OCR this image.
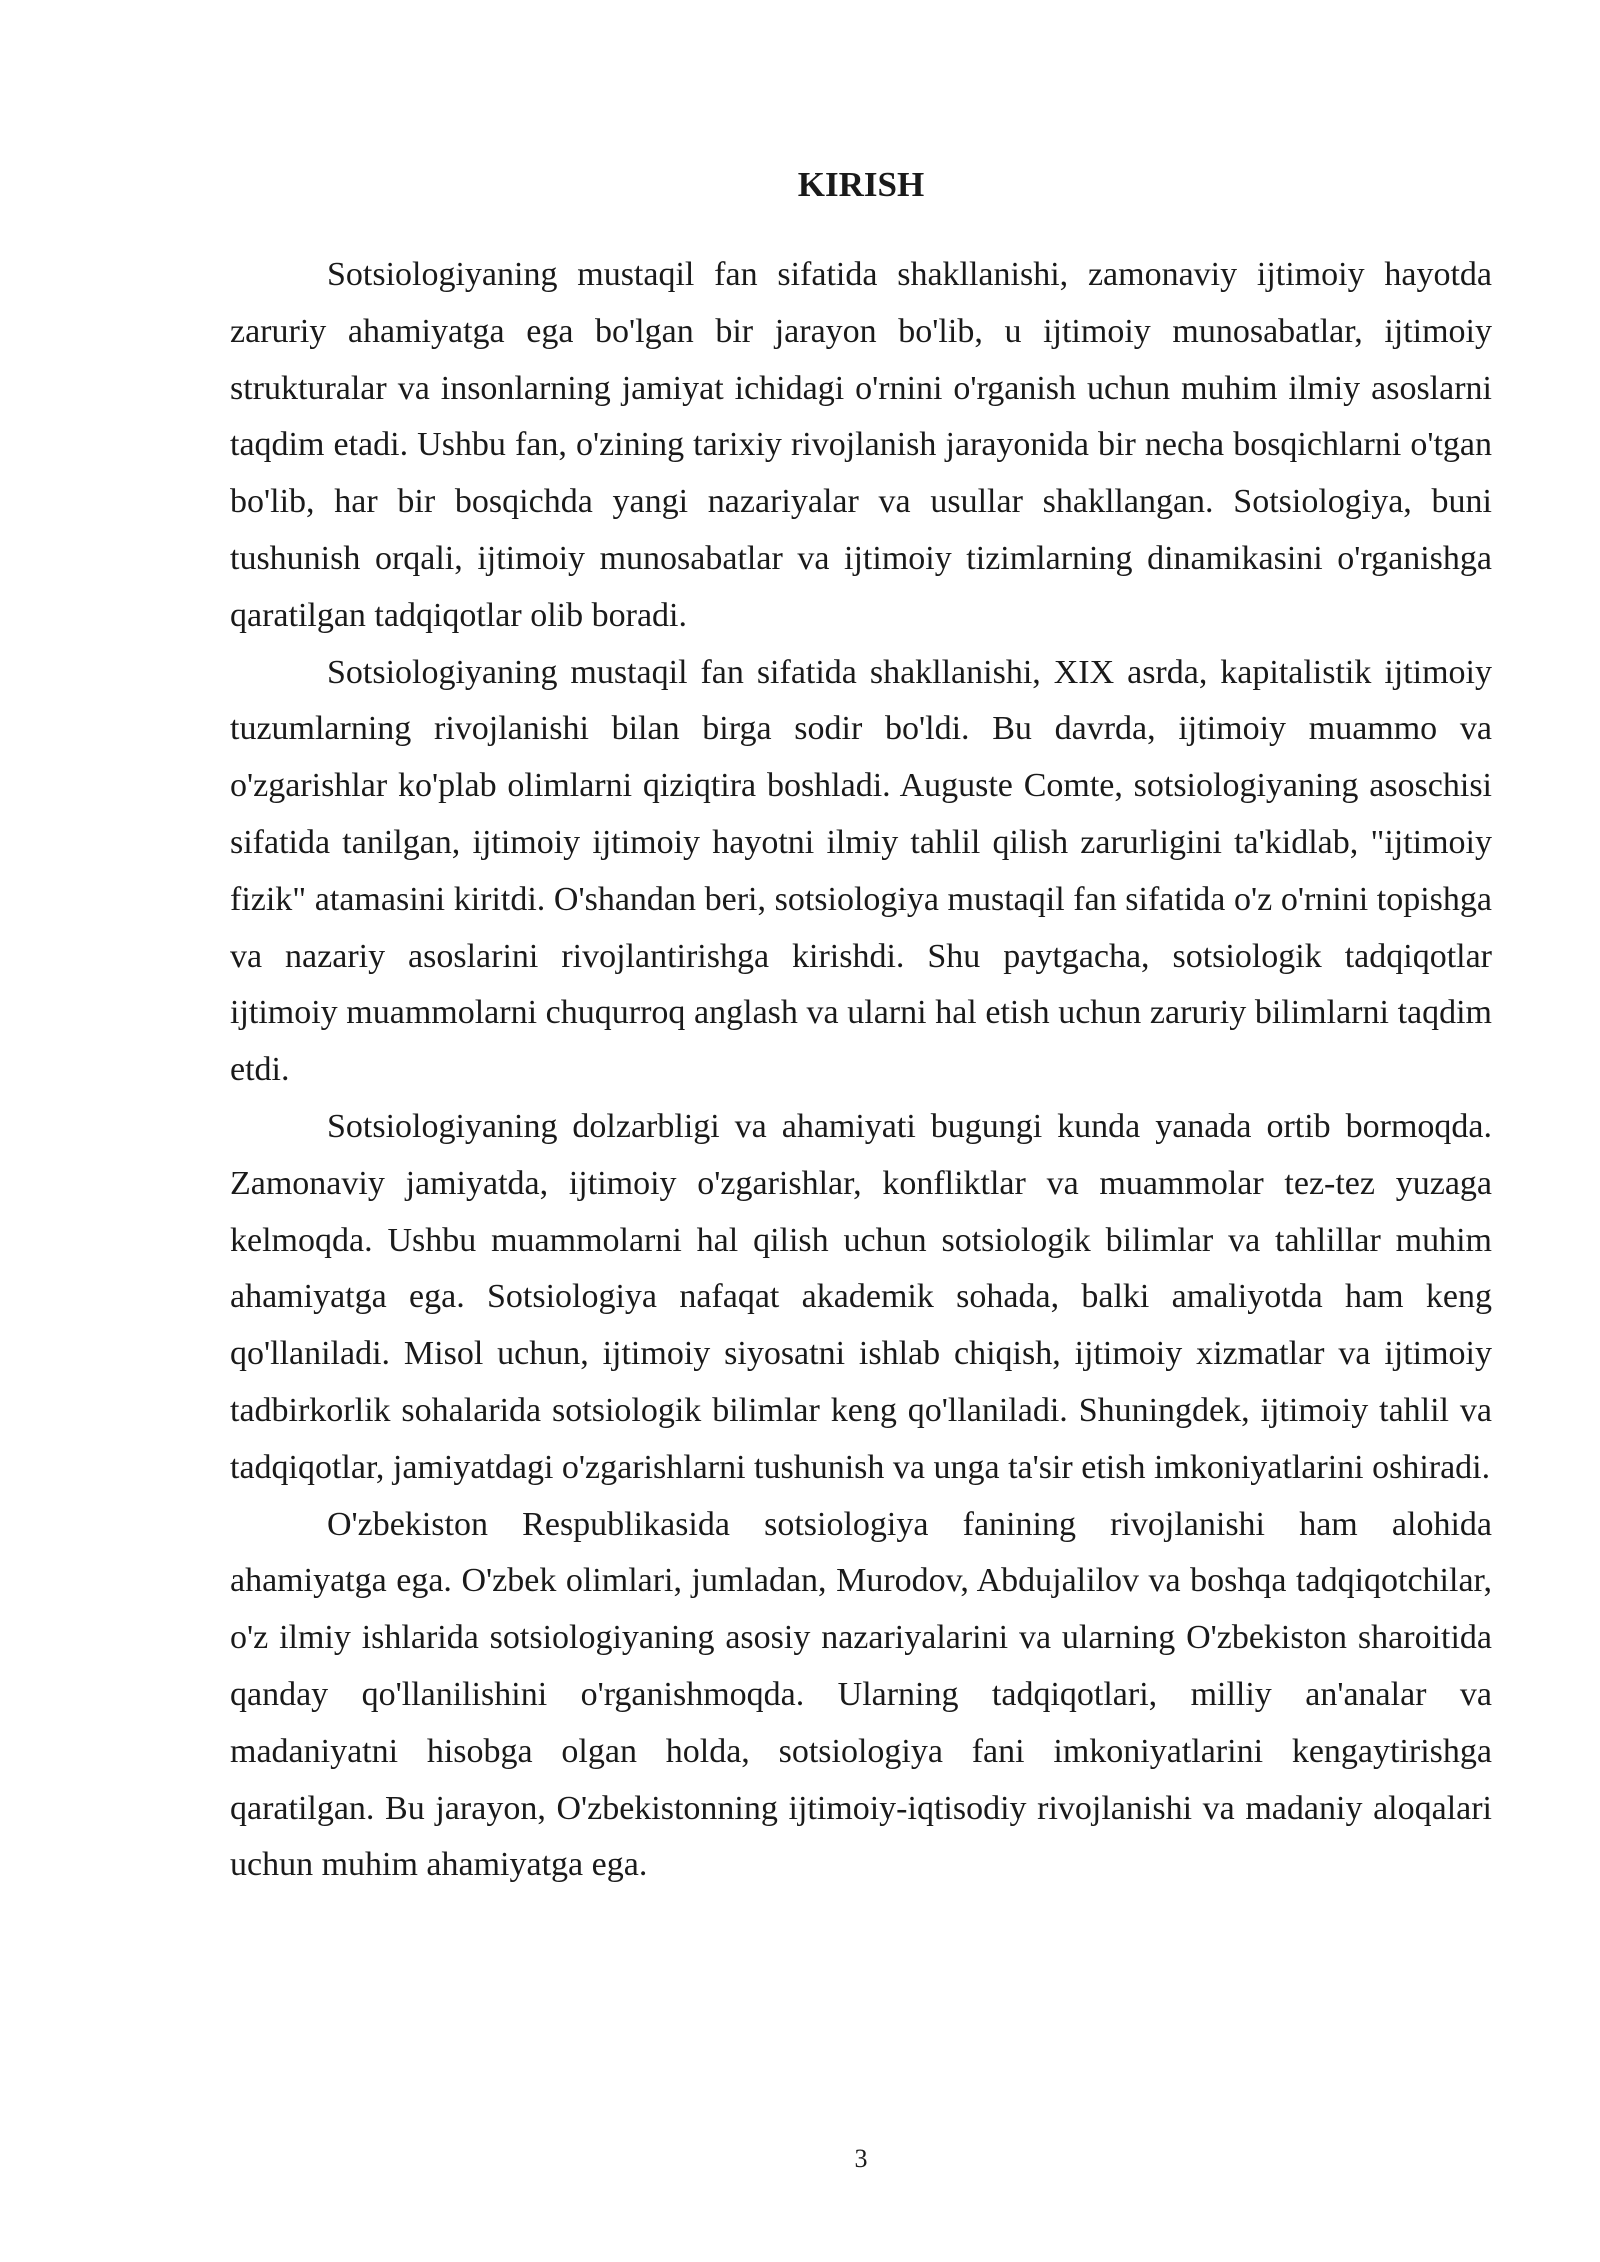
KIRISH

Sotsiologiyaning mustaqil fan sifatida shakllanishi, zamonaviy ijtimoiy hayotda zaruriy ahamiyatga ega bo'lgan bir jarayon bo'lib, u ijtimoiy munosabatlar, ijtimoiy strukturalar va insonlarning jamiyat ichidagi o'rnini o'rganish uchun muhim ilmiy asoslarni taqdim etadi. Ushbu fan, o'zining tarixiy rivojlanish jarayonida bir necha bosqichlarni o'tgan bo'lib, har bir bosqichda yangi nazariyalar va usullar shakllangan. Sotsiologiya, buni tushunish orqali, ijtimoiy munosabatlar va ijtimoiy tizimlarning dinamikasini o'rganishga qaratilgan tadqiqotlar olib boradi.

Sotsiologiyaning mustaqil fan sifatida shakllanishi, XIX asrda, kapitalistik ijtimoiy tuzumlarning rivojlanishi bilan birga sodir bo'ldi. Bu davrda, ijtimoiy muammo va o'zgarishlar ko'plab olimlarni qiziqtira boshladi. Auguste Comte, sotsiologiyaning asoschisi sifatida tanilgan, ijtimoiy ijtimoiy hayotni ilmiy tahlil qilish zarurligini ta'kidlab, "ijtimoiy fizik" atamasini kiritdi. O'shandan beri, sotsiologiya mustaqil fan sifatida o'z o'rnini topishga va nazariy asoslarini rivojlantirishga kirishdi. Shu paytgacha, sotsiologik tadqiqotlar ijtimoiy muammolarni chuqurroq anglash va ularni hal etish uchun zaruriy bilimlarni taqdim etdi.

Sotsiologiyaning dolzarbligi va ahamiyati bugungi kunda yanada ortib bormoqda. Zamonaviy jamiyatda, ijtimoiy o'zgarishlar, konfliktlar va muammolar tez-tez yuzaga kelmoqda. Ushbu muammolarni hal qilish uchun sotsiologik bilimlar va tahlillar muhim ahamiyatga ega. Sotsiologiya nafaqat akademik sohada, balki amaliyotda ham keng qo'llaniladi. Misol uchun, ijtimoiy siyosatni ishlab chiqish, ijtimoiy xizmatlar va ijtimoiy tadbirkorlik sohalarida sotsiologik bilimlar keng qo'llaniladi. Shuningdek, ijtimoiy tahlil va tadqiqotlar, jamiyatdagi o'zgarishlarni tushunish va unga ta'sir etish imkoniyatlarini oshiradi.

O'zbekiston Respublikasida sotsiologiya fanining rivojlanishi ham alohida ahamiyatga ega. O'zbek olimlari, jumladan, Murodov, Abdujalilov va boshqa tadqiqotchilar, o'z ilmiy ishlarida sotsiologiyaning asosiy nazariyalarini va ularning O'zbekiston sharoitida qanday qo'llanilishini o'rganishmoqda. Ularning tadqiqotlari, milliy an'analar va madaniyatni hisobga olgan holda, sotsiologiya fani imkoniyatlarini kengaytirishga qaratilgan. Bu jarayon, O'zbekistonning ijtimoiy-iqtisodiy rivojlanishi va madaniy aloqalari uchun muhim ahamiyatga ega.

3
